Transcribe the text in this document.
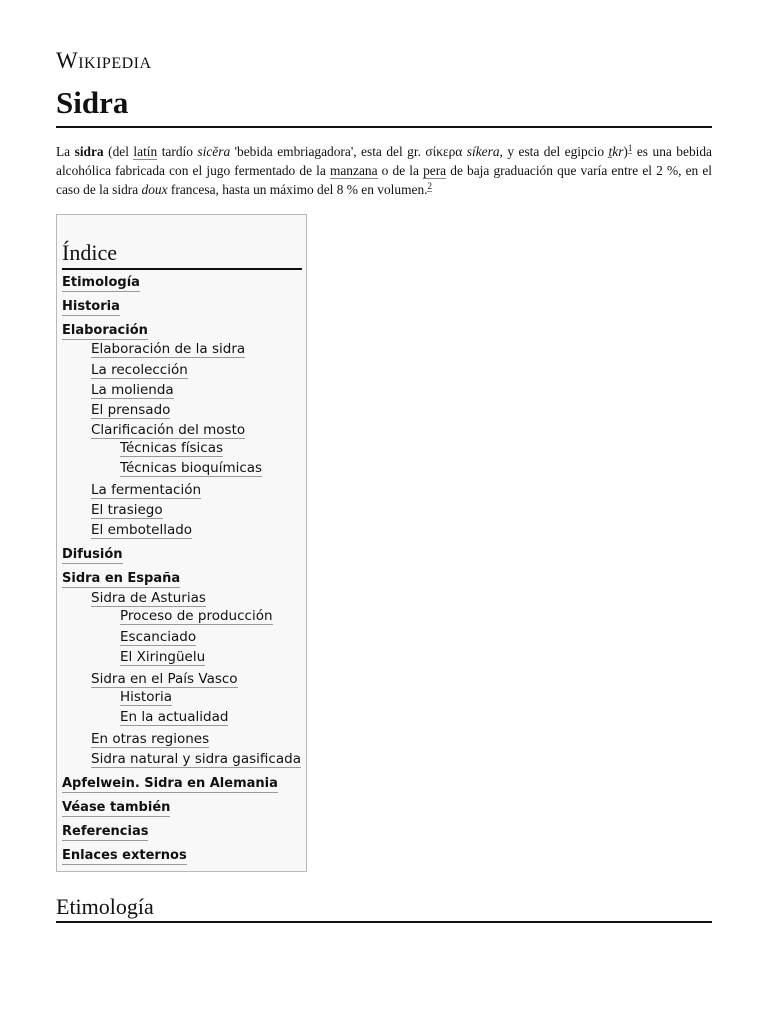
Wikipedia
Sidra
La sidra (del latín tardío sicĕra 'bebida embriagadora', esta del gr. σίκερα síkera, y esta del egipcio ṯkr)$^1$ es una bebida alcohólica fabricada con el jugo fermentado de la manzana o de la pera de baja graduación que varía entre el 2 %, en el caso de la sidra doux francesa, hasta un máximo del 8 % en volumen.$^2$
Índice
Etimología
Historia
Elaboración
Elaboración de la sidra
La recolección
La molienda
El prensado
Clarificación del mosto
Técnicas físicas
Técnicas bioquímicas
La fermentación
El trasiego
El embotellado
Difusión
Sidra en España
Sidra de Asturias
Proceso de producción
Escanciado
El Xiringüelu
Sidra en el País Vasco
Historia
En la actualidad
En otras regiones
Sidra natural y sidra gasificada
Apfelwein. Sidra en Alemania
Véase también
Referencias
Enlaces externos
Etimología
